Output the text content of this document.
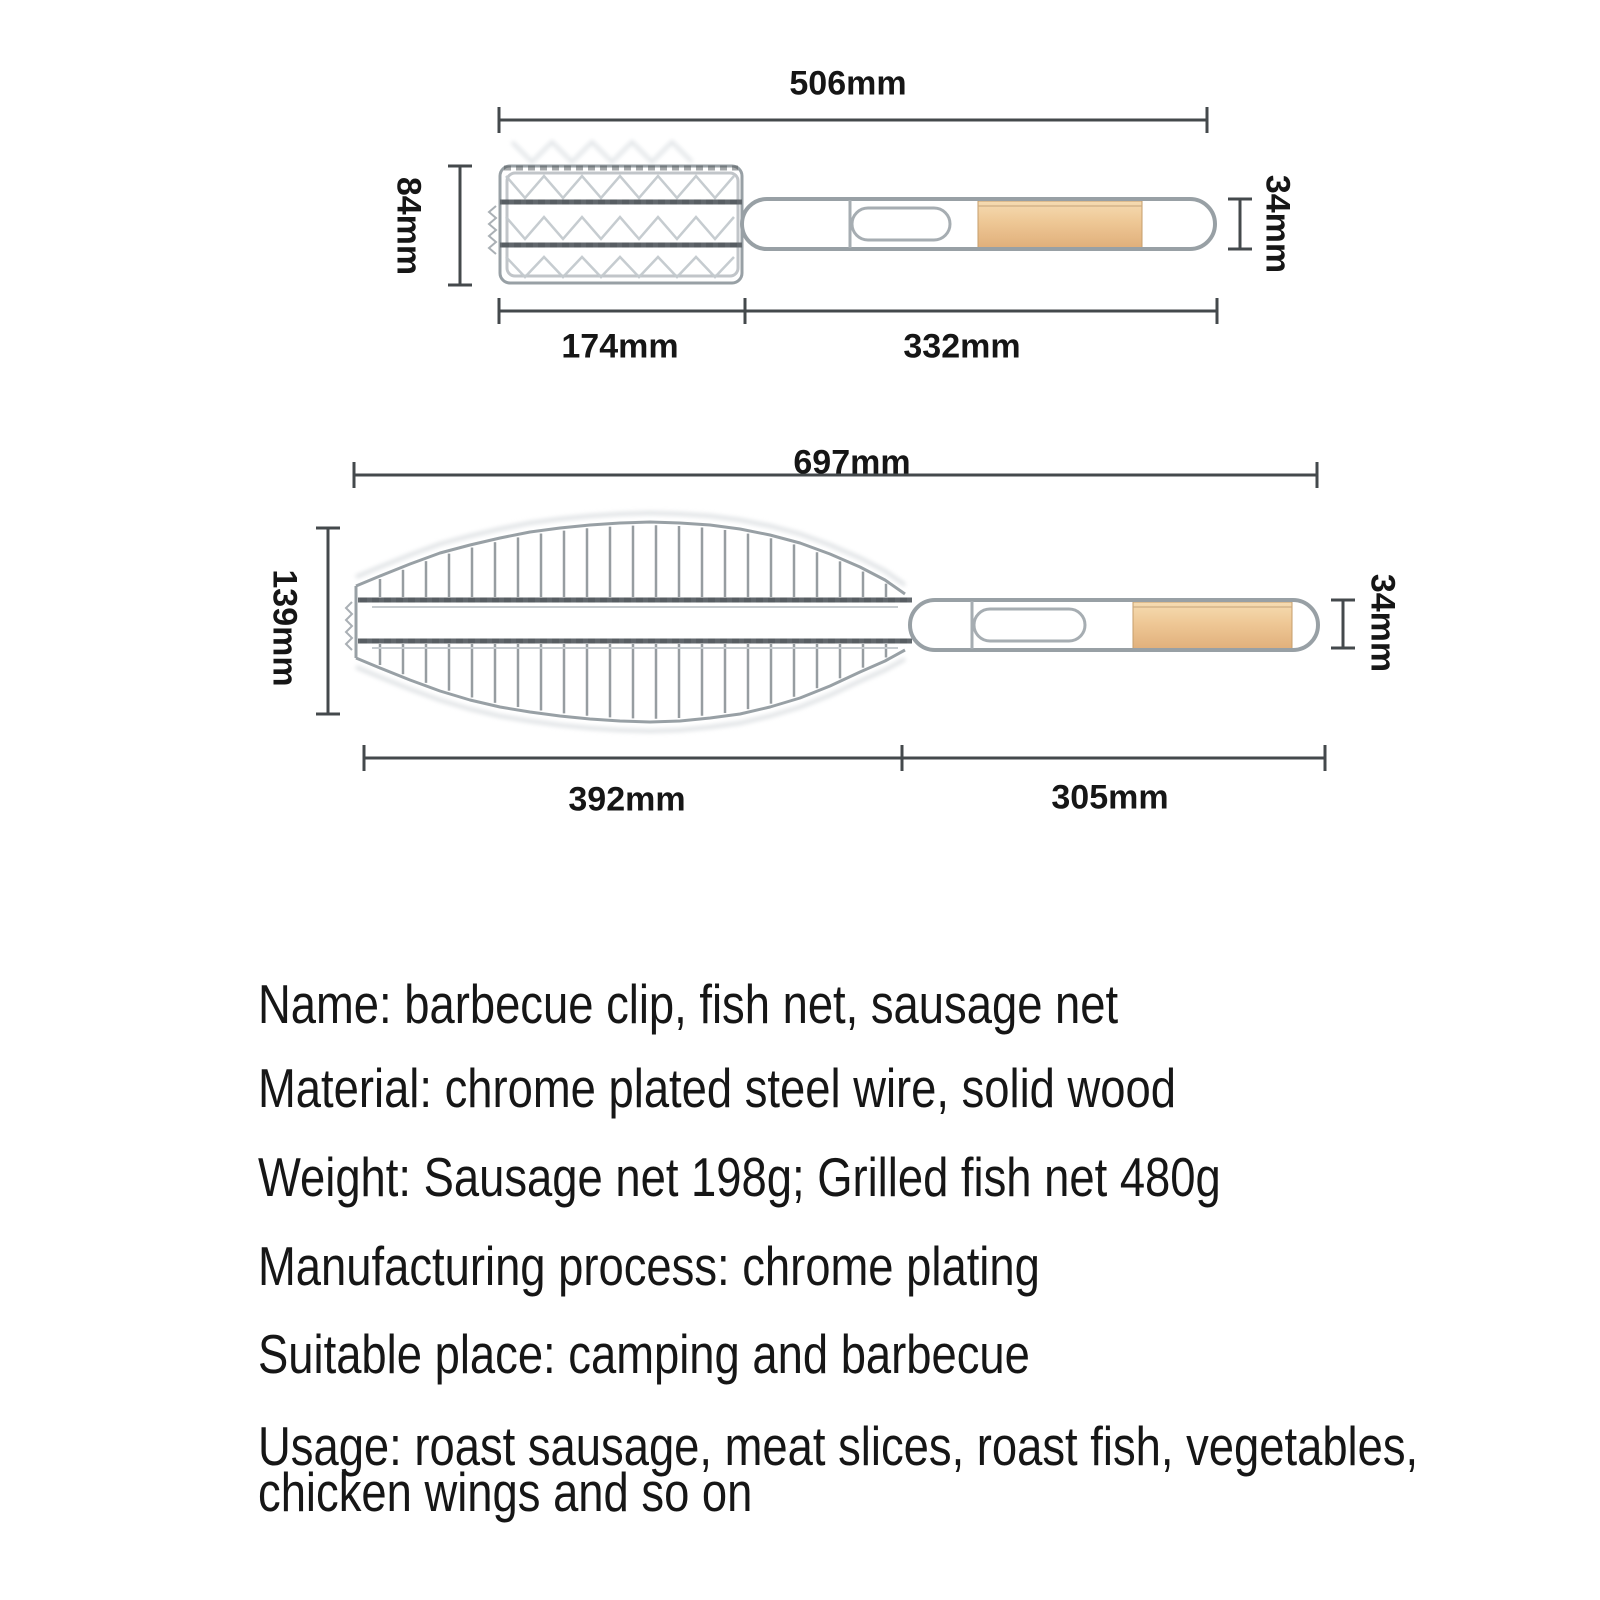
506mm
84mm	34mm
174mm	332mm
697mm
139mm	34mm
392mm	305mm
Name: barbecue clip, fish net, sausage net
Material: chrome plated steel wire, solid wood
Weight: Sausage net 198g; Grilled fish net 480g
Manufacturing process: chrome plating
Suitable place: camping and barbecue
Usage: roast sausage, meat slices, roast fish, vegetables,
chicken wings and so on
